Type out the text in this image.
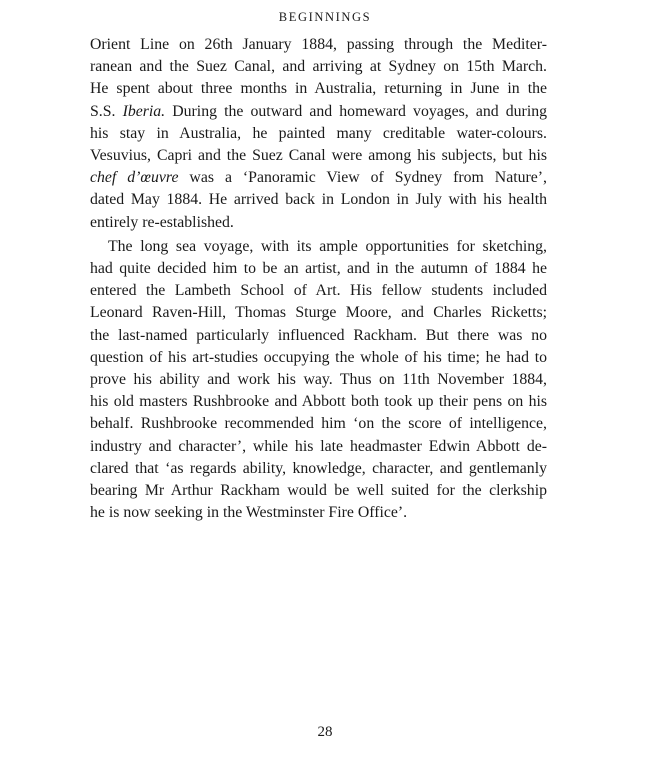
BEGINNINGS

Orient Line on 26th January 1884, passing through the Mediter-
ranean and the Suez Canal, and arriving at Sydney on 15th March.
He spent about three months in Australia, returning in June in the
S.S. Iberia. During the outward and homeward voyages, and during
his stay in Australia, he painted many creditable water-colours.
Vesuvius, Capri and the Suez Canal were among his subjects, but his
chef d’œuvre was a ‘Panoramic View of Sydney from Nature’,
dated May 1884. He arrived back in London in July with his health
entirely re-established.
The long sea voyage, with its ample opportunities for sketching,
had quite decided him to be an artist, and in the autumn of 1884 he
entered the Lambeth School of Art. His fellow students included
Leonard Raven-Hill, Thomas Sturge Moore, and Charles Ricketts;
the last-named particularly influenced Rackham. But there was no
question of his art-studies occupying the whole of his time; he had to
prove his ability and work his way. Thus on 11th November 1884,
his old masters Rushbrooke and Abbott both took up their pens on his
behalf. Rushbrooke recommended him ‘on the score of intelligence,
industry and character’, while his late headmaster Edwin Abbott de-
clared that ‘as regards ability, knowledge, character, and gentlemanly
bearing Mr Arthur Rackham would be well suited for the clerkship
he is now seeking in the Westminster Fire Office’.

28
